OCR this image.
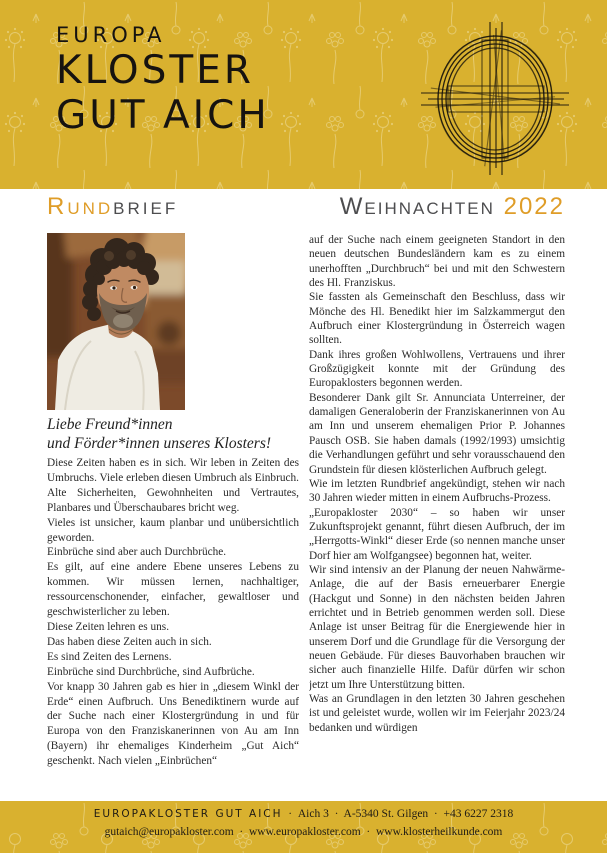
EUROPA
KLOSTER
GUT AICH
Rundbrief	Weihnachten 2022
Liebe Freund*innen
und Förder*innen unseres Klosters!

Diese Zeiten haben es in sich. Wir leben in Zeiten des Umbruchs. Viele erleben diesen Umbruch als Einbruch.

Alte Sicherheiten, Gewohnheiten und Vertrautes, Planbares und Überschaubares bricht weg.

Vieles ist unsicher, kaum planbar und unübersichtlich geworden.

Einbrüche sind aber auch Durchbrüche.

Es gilt, auf eine andere Ebene unseres Lebens zu kommen. Wir müssen lernen, nachhaltiger, ressourcenschonender, einfacher, gewaltloser und geschwisterlicher zu leben.

Diese Zeiten lehren es uns.

Das haben diese Zeiten auch in sich.

Es sind Zeiten des Lernens.

Einbrüche sind Durchbrüche, sind Aufbrüche.

Vor knapp 30 Jahren gab es hier in „diesem Winkl der Erde“ einen Aufbruch. Uns Benediktinern wurde auf der Suche nach einer Klostergründung in und für Europa von den Franziskanerinnen von Au am Inn (Bayern) ihr ehemaliges Kinderheim „Gut Aich“ geschenkt. Nach vielen „Einbrüchen“

auf der Suche nach einem geeigneten Standort in den neuen deutschen Bundesländern kam es zu einem unerhofften „Durchbruch“ bei und mit den Schwestern des Hl. Franziskus.

Sie fassten als Gemeinschaft den Beschluss, dass wir Mönche des Hl. Benedikt hier im Salzkammergut den Aufbruch einer Klostergründung in Österreich wagen sollten.

Dank ihres großen Wohlwollens, Vertrauens und ihrer Großzügigkeit konnte mit der Gründung des Europaklosters begonnen werden.

Besonderer Dank gilt Sr. Annunciata Unterreiner, der damaligen Generaloberin der Franziskanerinnen von Au am Inn und unserem ehemaligen Prior P. Johannes Pausch OSB. Sie haben damals (1992/1993) umsichtig die Verhandlungen geführt und sehr vorausschauend den Grundstein für diesen klösterlichen Aufbruch gelegt.

Wie im letzten Rundbrief angekündigt, stehen wir nach 30 Jahren wieder mitten in einem Aufbruchs-Prozess.

„Europakloster 2030“ – so haben wir unser Zukunftsprojekt genannt, führt diesen Aufbruch, der im „Herrgotts-Winkl“ dieser Erde (so nennen manche unser Dorf hier am Wolfgangsee) begonnen hat, weiter.

Wir sind intensiv an der Planung der neuen Nahwärme-Anlage, die auf der Basis erneuerbarer Energie (Hackgut und Sonne) in den nächsten beiden Jahren errichtet und in Betrieb genommen werden soll. Diese Anlage ist unser Beitrag für die Energiewende hier in unserem Dorf und die Grundlage für die Versorgung der neuen Gebäude. Für dieses Bauvorhaben brauchen wir sicher auch finanzielle Hilfe. Dafür dürfen wir schon jetzt um Ihre Unterstützung bitten.

Was an Grundlagen in den letzten 30 Jahren geschehen ist und geleistet wurde, wollen wir im Feierjahr 2023/24 bedanken und würdigen

EUROPAKLOSTER GUT AICH  ·  Aich 3  ·  A-5340 St. Gilgen  ·  +43 6227 2318
gutaich@europakloster.com  ·  www.europakloster.com  ·  www.klosterheilkunde.com
